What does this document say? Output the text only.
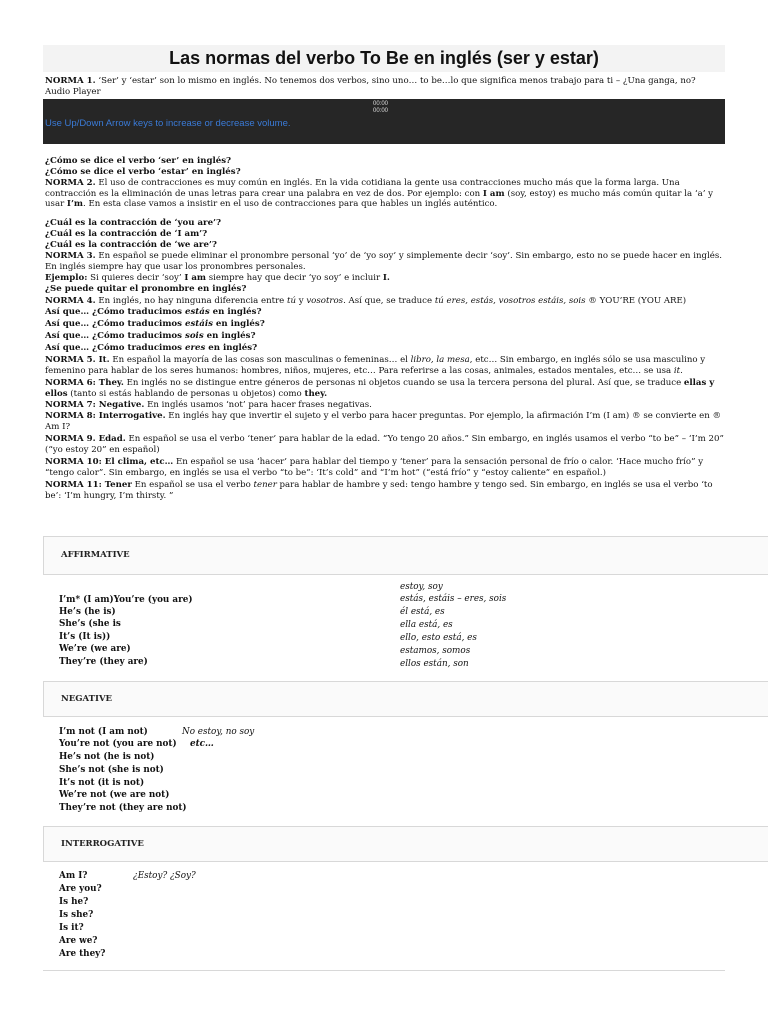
Las normas del verbo To Be en inglés (ser y estar)
NORMA 1. ‘Ser’ y ‘estar’ son lo mismo en inglés. No tenemos dos verbos, sino uno… to be…lo que significa menos trabajo para ti – ¿Una ganga, no?
Audio Player
00:00
00:00
Use Up/Down Arrow keys to increase or decrease volume.
¿Cómo se dice el verbo ‘ser’ en inglés?
¿Cómo se dice el verbo ‘estar’ en inglés?
NORMA 2. El uso de contracciones es muy común en inglés. En la vida cotidiana la gente usa contracciones mucho más que la forma larga. Una contracción es la eliminación de unas letras para crear una palabra en vez de dos. Por ejemplo: con I am (soy, estoy) es mucho más común quitar la ‘a’ y usar I’m. En esta clase vamos a insistir en el uso de contracciones para que hables un inglés auténtico.
¿Cuál es la contracción de ‘you are’?
¿Cuál es la contracción de ‘I am’?
¿Cuál es la contracción de ‘we are’?
NORMA 3. En español se puede eliminar el pronombre personal ‘yo’ de ‘yo soy’ y simplemente decir ‘soy’. Sin embargo, esto no se puede hacer en inglés. En inglés siempre hay que usar los pronombres personales.
Ejemplo: Si quieres decir ‘soy’ I am siempre hay que decir ‘yo soy’ e incluir I.
¿Se puede quitar el pronombre en inglés?
NORMA 4. En inglés, no hay ninguna diferencia entre tú y vosotros. Así que, se traduce tú eres, estás, vosotros estáis, sois ® YOU’RE (YOU ARE)
Así que… ¿Cómo traducimos estás en inglés?
Así que… ¿Cómo traducimos estáis en inglés?
Así que… ¿Cómo traducimos sois en inglés?
Así que… ¿Cómo traducimos eres en inglés?
NORMA 5. It. En español la mayoría de las cosas son masculinas o femeninas… el libro, la mesa, etc… Sin embargo, en inglés sólo se usa masculino y femenino para hablar de los seres humanos: hombres, niños, mujeres, etc… Para referirse a las cosas, animales, estados mentales, etc… se usa it.
NORMA 6: They. En inglés no se distingue entre géneros de personas ni objetos cuando se usa la tercera persona del plural. Así que, se traduce ellas y ellos (tanto si estás hablando de personas u objetos) como they.
NORMA 7: Negative. En inglés usamos ‘not’ para hacer frases negativas.
NORMA 8: Interrogative. En inglés hay que invertir el sujeto y el verbo para hacer preguntas. Por ejemplo, la afirmación I’m (I am) ® se convierte en ® Am I?
NORMA 9. Edad. En español se usa el verbo ‘tener’ para hablar de la edad. “Yo tengo 20 años.” Sin embargo, en inglés usamos el verbo “to be” – ‘I’m 20” (“yo estoy 20” en español)
NORMA 10: El clima, etc… En español se usa ‘hacer’ para hablar del tiempo y ‘tener’ para la sensación personal de frío o calor. ‘Hace mucho frío” y “tengo calor”. Sin embargo, en inglés se usa el verbo “to be”: ‘It’s cold” and “I’m hot” (“está frío” y “estoy caliente” en español.)
NORMA 11: Tener En español se usa el verbo tener para hablar de hambre y sed: tengo hambre y tengo sed. Sin embargo, en inglés se usa el verbo ‘to be’: ‘I’m hungry, I’m thirsty. ”
AFFIRMATIVE
I’m* (I am)You’re (you are)
He’s (he is)
She’s (she is
It’s (It is))
We’re (we are)
They’re (they are)
estoy, soy
estás, estáis – eres, sois
él está, es
ella está, es
ello, esto está, es
estamos, somos
ellos están, son
NEGATIVE
I’m not (I am not)	No estoy, no soy
You’re not (you are not) etc…
He’s not (he is not)
She’s not (she is not)
It’s not (it is not)
We’re not (we are not)
They’re not (they are not)
INTERROGATIVE
Am I?	¿Estoy? ¿Soy?
Are you?
Is he?
Is she?
Is it?
Are we?
Are they?
